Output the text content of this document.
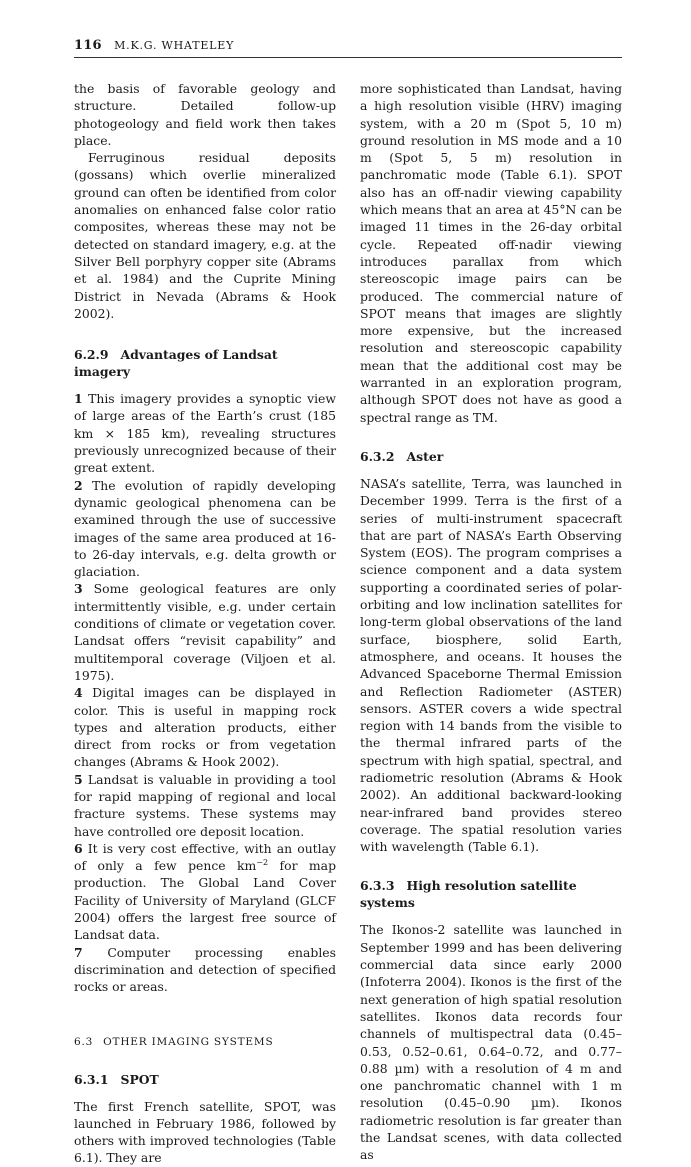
116 M.K.G. WHATELEY

the basis of favorable geology and structure. Detailed follow-up photogeology and field work then takes place.

Ferruginous residual deposits (gossans) which overlie mineralized ground can often be identified from color anomalies on enhanced false color ratio composites, whereas these may not be detected on standard imagery, e.g. at the Silver Bell porphyry copper site (Abrams et al. 1984) and the Cuprite Mining District in Nevada (Abrams & Hook 2002).

6.2.9 Advantages of Landsat imagery

1 This imagery provides a synoptic view of large areas of the Earth’s crust (185 km × 185 km), revealing structures previously unrecognized because of their great extent.

2 The evolution of rapidly developing dynamic geological phenomena can be examined through the use of successive images of the same area produced at 16- to 26-day intervals, e.g. delta growth or glaciation.

3 Some geological features are only intermittently visible, e.g. under certain conditions of climate or vegetation cover. Landsat offers “revisit capability” and multitemporal coverage (Viljoen et al. 1975).

4 Digital images can be displayed in color. This is useful in mapping rock types and alteration products, either direct from rocks or from vegetation changes (Abrams & Hook 2002).

5 Landsat is valuable in providing a tool for rapid mapping of regional and local fracture systems. These systems may have controlled ore deposit location.

6 It is very cost effective, with an outlay of only a few pence $km^{-2}$ for map production. The Global Land Cover Facility of University of Maryland (GLCF 2004) offers the largest free source of Landsat data.

7 Computer processing enables discrimination and detection of specified rocks or areas.

6.3 OTHER IMAGING SYSTEMS
6.3.1 SPOT

The first French satellite, SPOT, was launched in February 1986, followed by others with improved technologies (Table 6.1). They are

more sophisticated than Landsat, having a high resolution visible (HRV) imaging system, with a 20 m (Spot 5, 10 m) ground resolution in MS mode and a 10 m (Spot 5, 5 m) resolution in panchromatic mode (Table 6.1). SPOT also has an off-nadir viewing capability which means that an area at 45°N can be imaged 11 times in the 26-day orbital cycle. Repeated off-nadir viewing introduces parallax from which stereoscopic image pairs can be produced. The commercial nature of SPOT means that images are slightly more expensive, but the increased resolution and stereoscopic capability mean that the additional cost may be warranted in an exploration program, although SPOT does not have as good a spectral range as TM.

6.3.2 Aster

NASA’s satellite, Terra, was launched in December 1999. Terra is the first of a series of multi-instrument spacecraft that are part of NASA’s Earth Observing System (EOS). The program comprises a science component and a data system supporting a coordinated series of polar-orbiting and low inclination satellites for long-term global observations of the land surface, biosphere, solid Earth, atmosphere, and oceans. It houses the Advanced Spaceborne Thermal Emission and Reflection Radiometer (ASTER) sensors. ASTER covers a wide spectral region with 14 bands from the visible to the thermal infrared parts of the spectrum with high spatial, spectral, and radiometric resolution (Abrams & Hook 2002). An additional backward-looking near-infrared band provides stereo coverage. The spatial resolution varies with wavelength (Table 6.1).

6.3.3 High resolution satellite systems

The Ikonos-2 satellite was launched in September 1999 and has been delivering commercial data since early 2000 (Infoterra 2004). Ikonos is the first of the next generation of high spatial resolution satellites. Ikonos data records four channels of multispectral data (0.45–0.53, 0.52–0.61, 0.64–0.72, and 0.77–0.88 µm) with a resolution of 4 m and one panchromatic channel with 1 m resolution (0.45–0.90 µm). Ikonos radiometric resolution is far greater than the Landsat scenes, with data collected as
